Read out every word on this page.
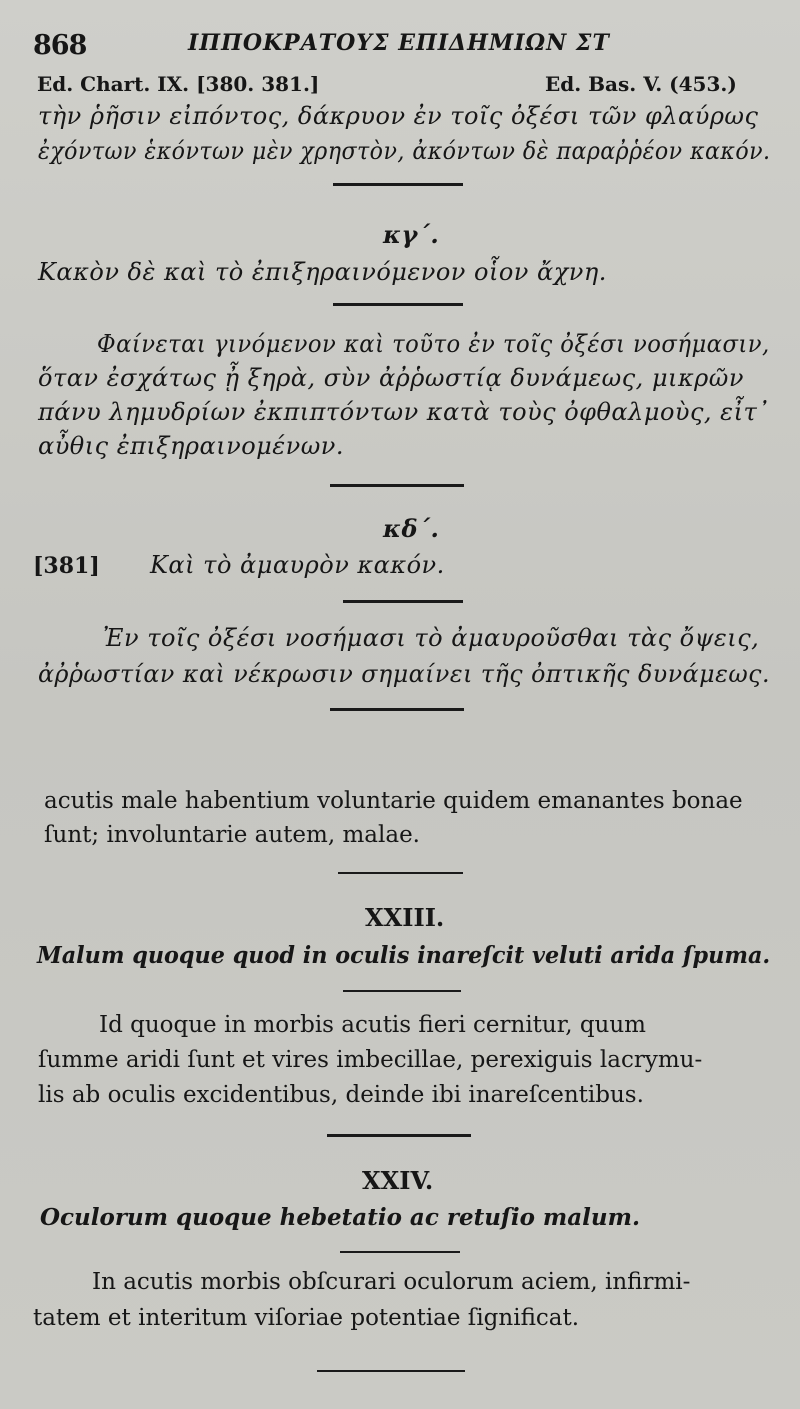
868	ΙΠΠΟΚΡΑΤΟΥΣ ΕΠΙΔΗΜΙΩΝ ΣΤ
Ed. Chart. IX. [380. 381.]	Ed. Bas. V. (453.)
τὴν ῥῆσιν εἰπόντος, δάκρυον ἐν τοῖς ὀξέσι τῶν φλαύρως
ἐχόντων ἑκόντων μὲν χρηστὸν, ἀκόντων δὲ παραῤῥέον κακόν.
κγ΄.
Κακὸν δὲ καὶ τὸ ἐπιξηραινόμενον οἷον ἄχνη.
Φαίνεται γινόμενον καὶ τοῦτο ἐν τοῖς ὀξέσι νοσήμασιν,
ὅταν ἐσχάτως ᾖ ξηρὰ, σὺν ἀῤῥωστίᾳ δυνάμεως, μικρῶν
πάνυ λημυδρίων ἐκπιπτόντων κατὰ τοὺς ὀφθαλμοὺς, εἶτ᾽
αὖθις ἐπιξηραινομένων.
κδ΄.
[381] Καὶ τὸ ἀμαυρὸν κακόν.
Ἐν τοῖς ὀξέσι νοσήμασι τὸ ἀμαυροῦσθαι τὰς ὄψεις,
ἀῤῥωστίαν καὶ νέκρωσιν σημαίνει τῆς ὀπτικῆς δυνάμεως.
acutis male habentium voluntarie quidem emanantes bonae
ſunt; involuntarie autem, malae.
XXIII.
Malum quoque quod in oculis inareſcit veluti arida ſpuma.
Id quoque in morbis acutis fieri cernitur, quum
ſumme aridi ſunt et vires imbecillae, perexiguis lacrymu-
lis ab oculis excidentibus, deinde ibi inareſcentibus.
XXIV.
Oculorum quoque hebetatio ac retuſio malum.
In acutis morbis obſcurari oculorum aciem, infirmi-
tatem et interitum viſoriae potentiae ſignificat.
